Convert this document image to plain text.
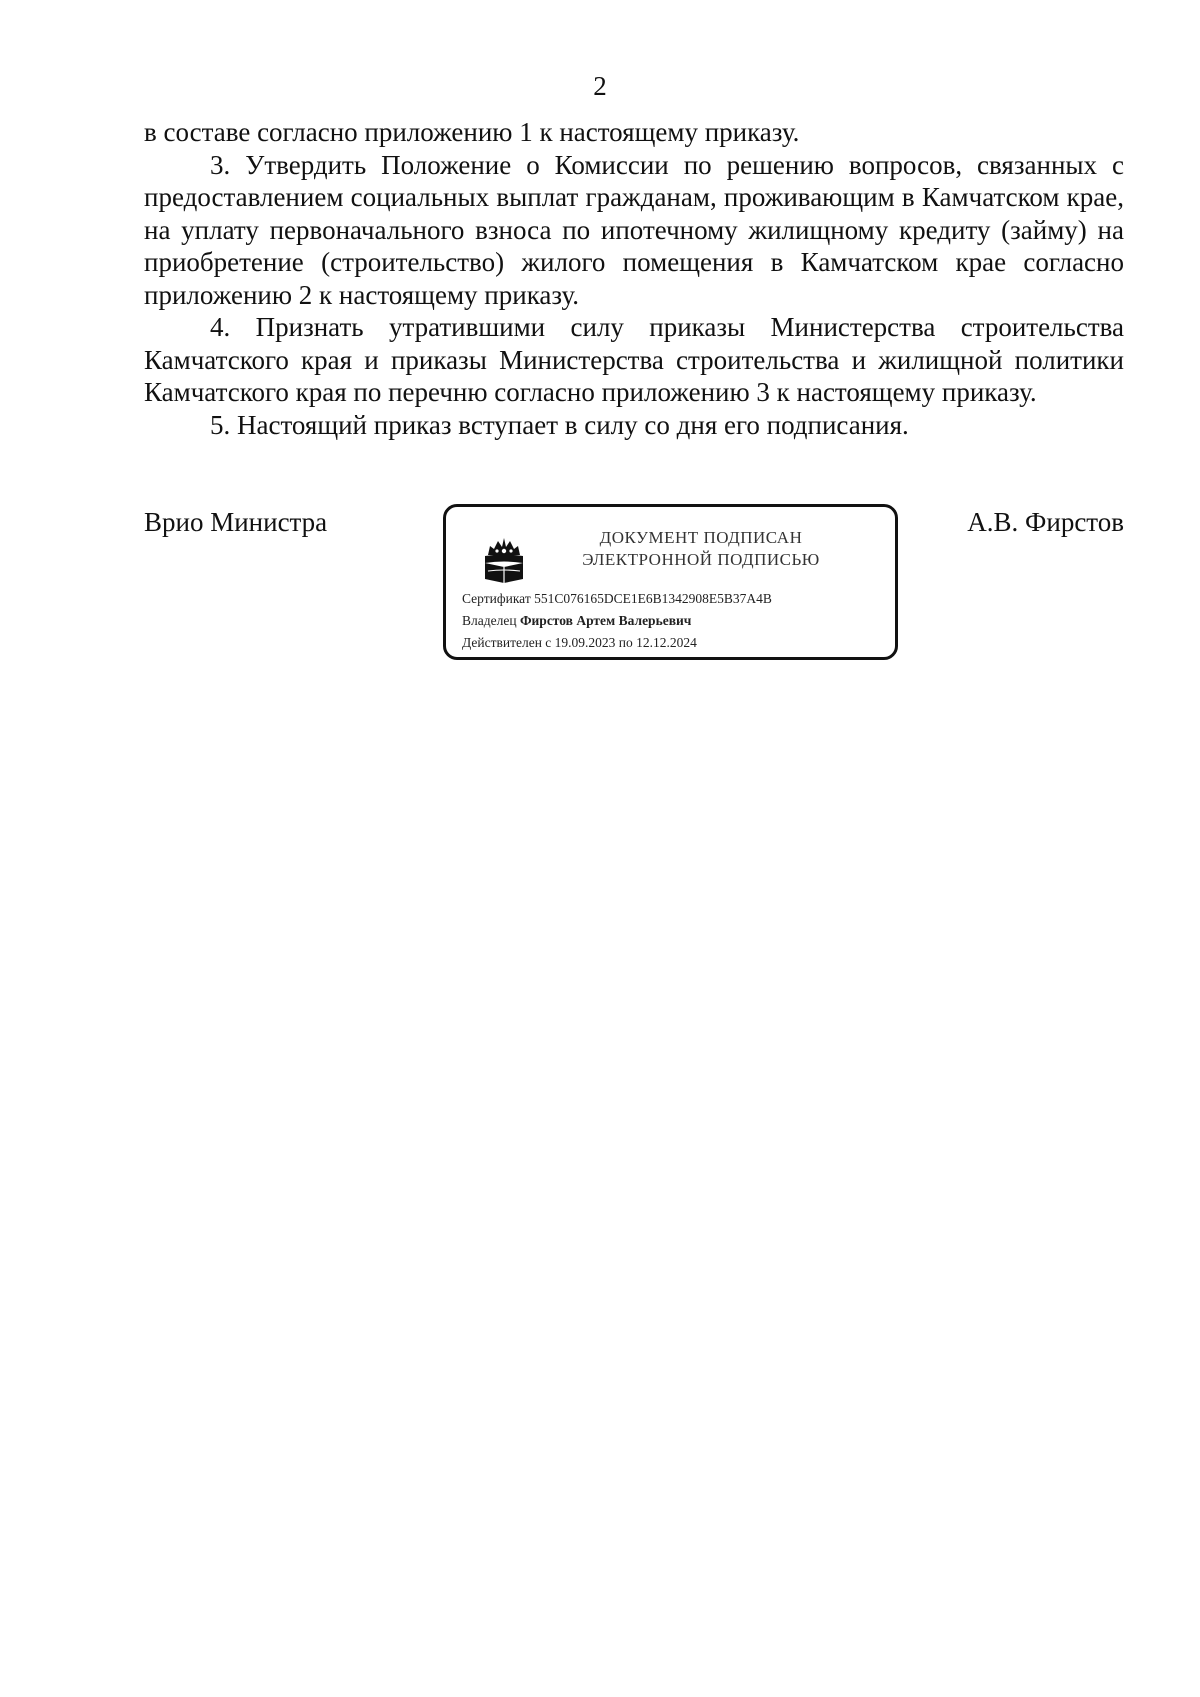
2

в составе согласно приложению 1 к настоящему приказу.

3. Утвердить Положение о Комиссии по решению вопросов, связанных с предоставлением социальных выплат гражданам, проживающим в Камчатском крае, на уплату первоначального взноса по ипотечному жилищному кредиту (займу) на приобретение (строительство) жилого помещения в Камчатском крае согласно приложению 2 к настоящему приказу.

4. Признать утратившими силу приказы Министерства строительства Камчатского края и приказы Министерства строительства и жилищной политики Камчатского края по перечню согласно приложению 3 к настоящему приказу.

5. Настоящий приказ вступает в силу со дня его подписания.

Врио Министра	А.В. Фирстов
ДОКУМЕНТ ПОДПИСАН
ЭЛЕКТРОННОЙ ПОДПИСЬЮ
Сертификат 551C076165DCE1E6B1342908E5B37A4B
Владелец Фирстов Артем Валерьевич
Действителен с 19.09.2023 по 12.12.2024
